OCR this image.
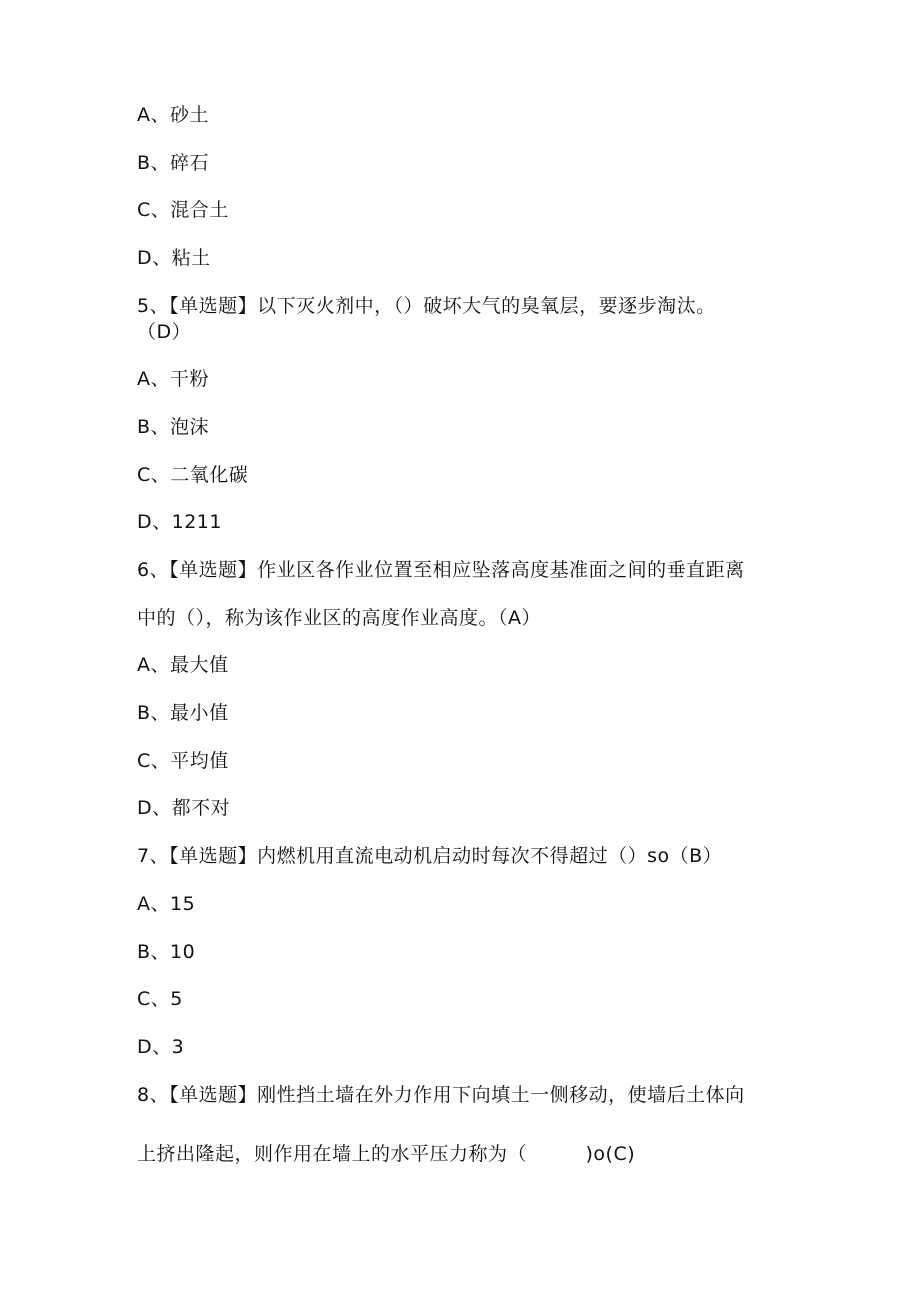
A、砂土
B、碎石
C、混合土
D、粘土
5、【单选题】以下灭火剂中，（）破坏大气的臭氧层，要逐步淘汰。
（D）
A、干粉
B、泡沫
C、二氧化碳
D、1211
6、【单选题】作业区各作业位置至相应坠落高度基准面之间的垂直距离
中的（），称为该作业区的高度作业高度。（A）
A、最大值
B、最小值
C、平均值
D、都不对
7、【单选题】内燃机用直流电动机启动时每次不得超过（）so（B）
A、15
B、10
C、5
D、3
8、【单选题】刚性挡土墙在外力作用下向填土一侧移动，使墙后土体向
上挤出隆起，则作用在墙上的水平压力称为（　　　)o(C)
